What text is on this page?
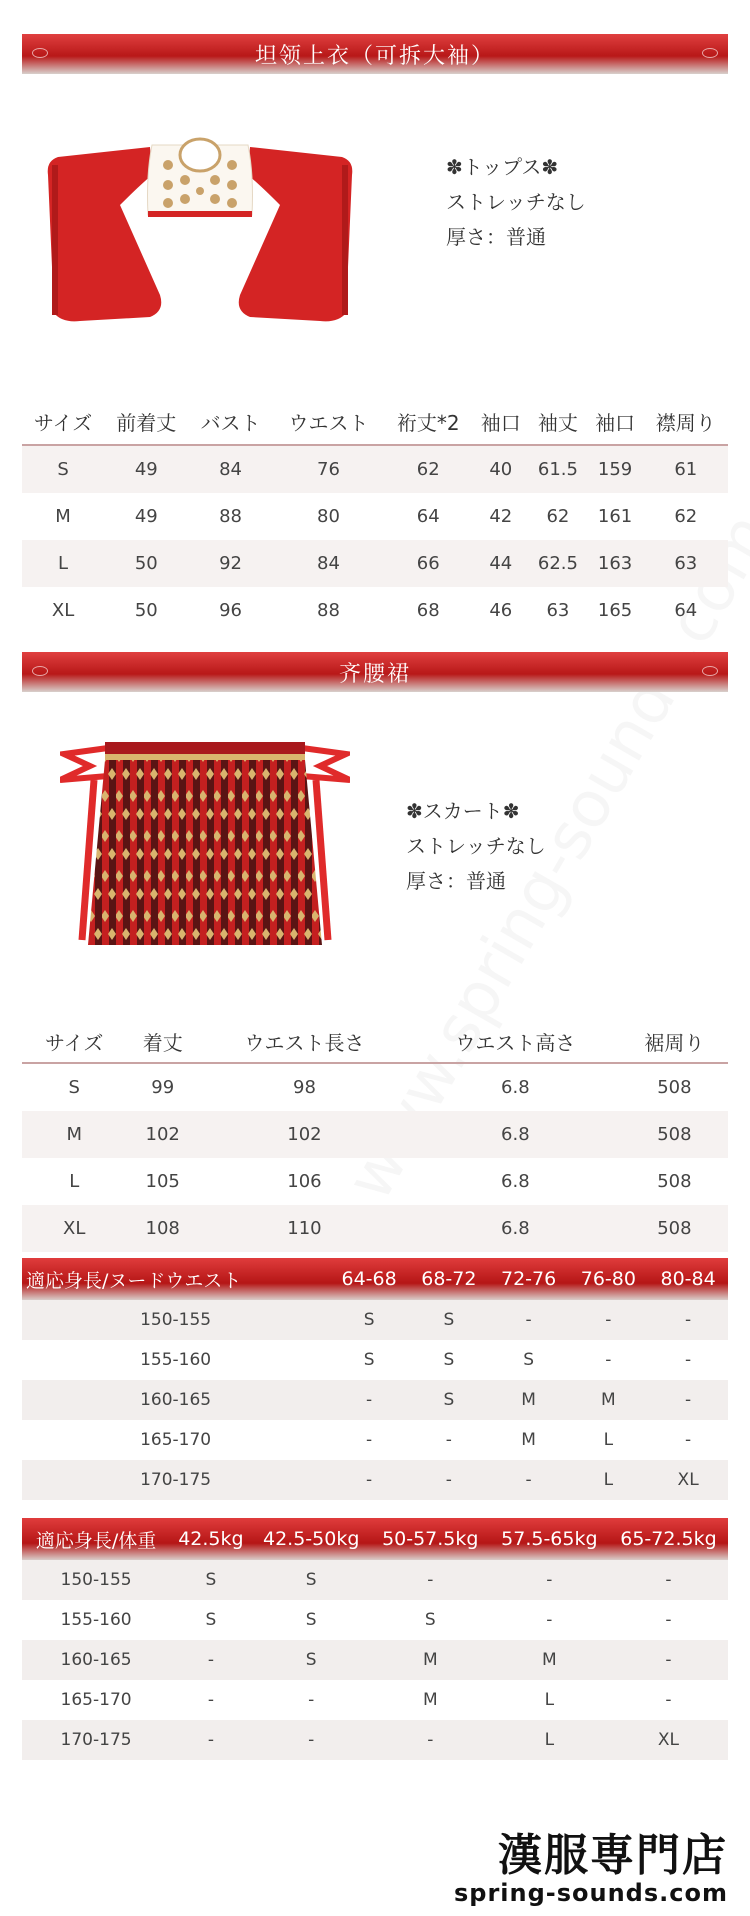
坦领上衣（可拆大袖）
✽トップス✽
ストレッチなし
厚さ：普通
サイズ	前着丈	バスト	ウエスト	裄丈*2	袖口	袖丈	袖口	襟周り
S	49	84	76	62	40	61.5	159	61
M	49	88	80	64	42	62	161	62
L	50	92	84	66	44	62.5	163	63
XL	50	96	88	68	46	63	165	64
齐腰裙
✽スカート✽
ストレッチなし
厚さ：普通
サイズ	着丈	ウエスト長さ	ウエスト高さ	裾周り
S	99	98	6.8	508
M	102	102	6.8	508
L	105	106	6.8	508
XL	108	110	6.8	508
適応身長/ヌードウエスト	64-68	68-72	72-76	76-80	80-84
150-155	S	S	-	-	-
155-160	S	S	S	-	-
160-165	-	S	M	M	-
165-170	-	-	M	L	-
170-175	-	-	-	L	XL
適応身長/体重	42.5kg	42.5-50kg	50-57.5kg	57.5-65kg	65-72.5kg
150-155	S	S	-	-	-
155-160	S	S	S	-	-
160-165	-	S	M	M	-
165-170	-	-	M	L	-
170-175	-	-	-	L	XL
漢服専門店
spring-sounds.com
